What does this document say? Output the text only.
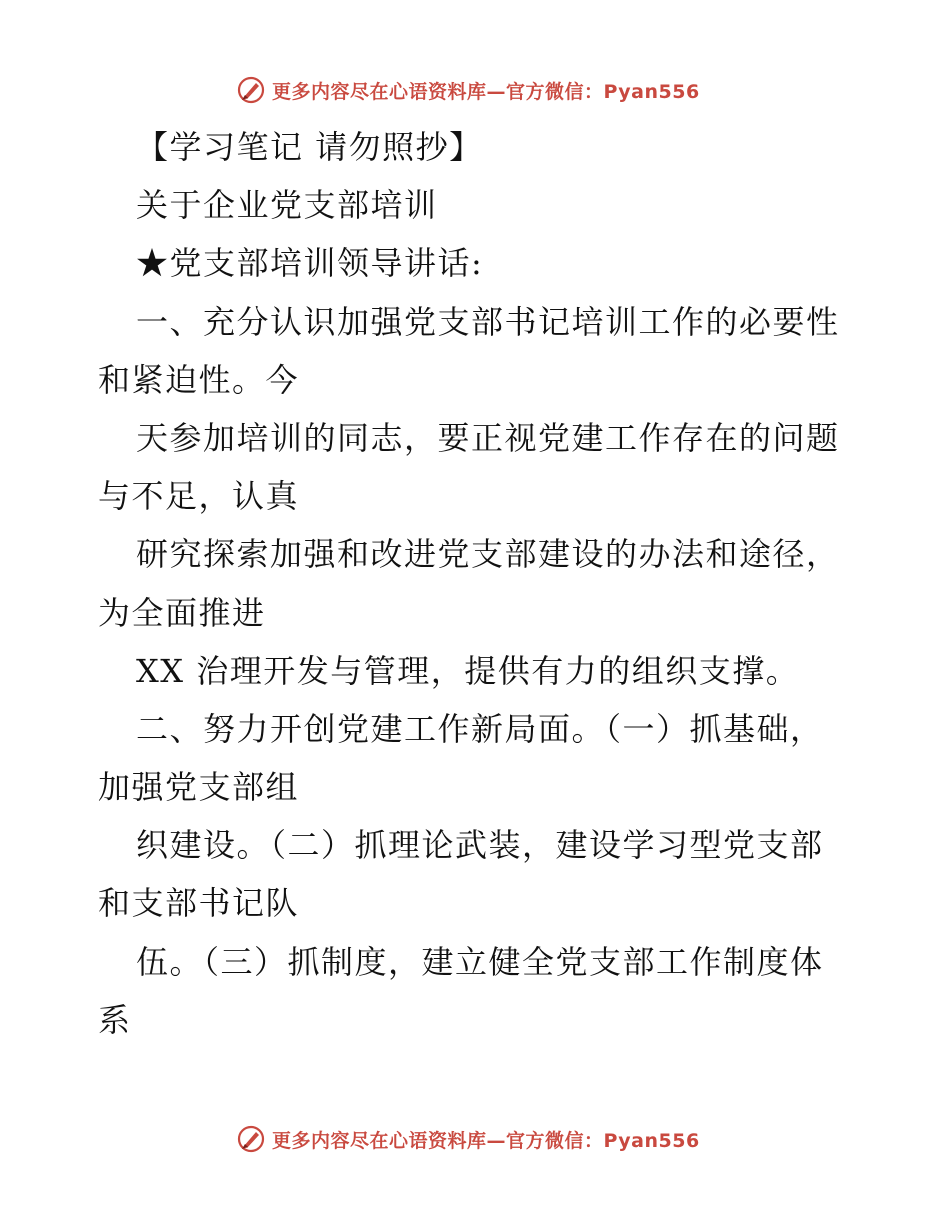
更多内容尽在心语资料库—官方微信：Pyan556
【学习笔记 请勿照抄】
关于企业党支部培训
★党支部培训领导讲话:
一、充分认识加强党支部书记培训工作的必要性
和紧迫性。今
天参加培训的同志，要正视党建工作存在的问题
与不足，认真
研究探索加强和改进党支部建设的办法和途径，
为全面推进
XX 治理开发与管理，提供有力的组织支撑。
二、努力开创党建工作新局面。（一）抓基础，
加强党支部组
织建设。（二）抓理论武装，建设学习型党支部
和支部书记队
伍。（三）抓制度，建立健全党支部工作制度体
系
更多内容尽在心语资料库—官方微信：Pyan556
